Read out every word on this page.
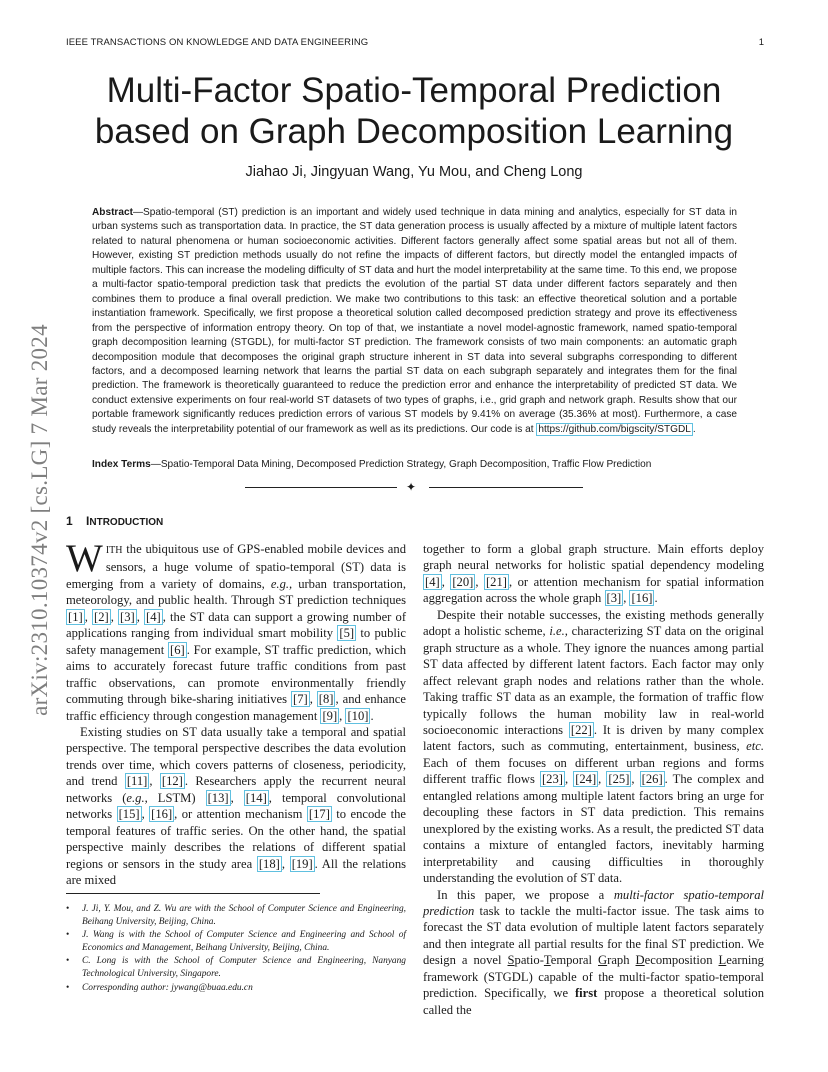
IEEE TRANSACTIONS ON KNOWLEDGE AND DATA ENGINEERING	1
Multi-Factor Spatio-Temporal Prediction
based on Graph Decomposition Learning
Jiahao Ji, Jingyuan Wang, Yu Mou, and Cheng Long
arXiv:2310.10374v2 [cs.LG] 7 Mar 2024
Abstract—Spatio-temporal (ST) prediction is an important and widely used technique in data mining and analytics, especially for ST data in urban systems such as transportation data. In practice, the ST data generation process is usually affected by a mixture of multiple latent factors related to natural phenomena or human socioeconomic activities. Different factors generally affect some spatial areas but not all of them. However, existing ST prediction methods usually do not refine the impacts of different factors, but directly model the entangled impacts of multiple factors. This can increase the modeling difficulty of ST data and hurt the model interpretability at the same time. To this end, we propose a multi-factor spatio-temporal prediction task that predicts the evolution of the partial ST data under different factors separately and then combines them to produce a final overall prediction. We make two contributions to this task: an effective theoretical solution and a portable instantiation framework. Specifically, we first propose a theoretical solution called decomposed prediction strategy and prove its effectiveness from the perspective of information entropy theory. On top of that, we instantiate a novel model-agnostic framework, named spatio-temporal graph decomposition learning (STGDL), for multi-factor ST prediction. The framework consists of two main components: an automatic graph decomposition module that decomposes the original graph structure inherent in ST data into several subgraphs corresponding to different factors, and a decomposed learning network that learns the partial ST data on each subgraph separately and integrates them for the final prediction. The framework is theoretically guaranteed to reduce the prediction error and enhance the interpretability of predicted ST data. We conduct extensive experiments on four real-world ST datasets of two types of graphs, i.e., grid graph and network graph. Results show that our portable framework significantly reduces prediction errors of various ST models by 9.41% on average (35.36% at most). Furthermore, a case study reveals the interpretability potential of our framework as well as its predictions. Our code is at https://github.com/bigscity/STGDL .
Index Terms—Spatio-Temporal Data Mining, Decomposed Prediction Strategy, Graph Decomposition, Traffic Flow Prediction
✦
1 INTRODUCTION

WITH the ubiquitous use of GPS-enabled mobile devices and sensors, a huge volume of spatio-temporal (ST) data is emerging from a variety of domains, e.g., urban transportation, meteorology, and public health. Through ST prediction techniques [1] , [2] , [3] , [4] , the ST data can support a growing number of applications ranging from individual smart mobility [5] to public safety management [6] . For example, ST traffic prediction, which aims to accurately forecast future traffic conditions from past traffic observations, can promote environmentally friendly commuting through bike-sharing initiatives [7] , [8] , and enhance traffic efficiency through congestion management [9] , [10] .

Existing studies on ST data usually take a temporal and spatial perspective. The temporal perspective describes the data evolution trends over time, which covers patterns of closeness, periodicity, and trend [11] , [12] . Researchers apply the recurrent neural networks (e.g., LSTM) [13] , [14] , temporal convolutional networks [15] , [16] , or attention mechanism [17] to encode the temporal features of traffic series. On the other hand, the spatial perspective mainly describes the relations of different spatial regions or sensors in the study area [18] , [19] . All the relations are mixed

together to form a global graph structure. Main efforts deploy graph neural networks for holistic spatial dependency modeling [4] , [20] , [21] , or attention mechanism for spatial information aggregation across the whole graph [3] , [16] .

Despite their notable successes, the existing methods generally adopt a holistic scheme, i.e., characterizing ST data on the original graph structure as a whole. They ignore the nuances among partial ST data affected by different latent factors. Each factor may only affect relevant graph nodes and relations rather than the whole. Taking traffic ST data as an example, the formation of traffic flow typically follows the human mobility law in real-world socioeconomic interactions [22] . It is driven by many complex latent factors, such as commuting, entertainment, business, etc. Each of them focuses on different urban regions and forms different traffic flows [23] , [24] , [25] , [26] . The complex and entangled relations among multiple latent factors bring an urge for decoupling these factors in ST data prediction. This remains unexplored by the existing works. As a result, the predicted ST data contains a mixture of entangled factors, inevitably harming interpretability and causing difficulties in thoroughly understanding the evolution of ST data.

In this paper, we propose a multi-factor spatio-temporal prediction task to tackle the multi-factor issue. The task aims to forecast the ST data evolution of multiple latent factors separately and then integrate all partial results for the final ST prediction. We design a novel Spatio-Temporal Graph Decomposition Learning framework (STGDL) capable of the multi-factor spatio-temporal prediction. Specifically, we first propose a theoretical solution called the

• J. Ji, Y. Mou, and Z. Wu are with the School of Computer Science and Engineering, Beihang University, Beijing, China.

• J. Wang is with the School of Computer Science and Engineering and School of Economics and Management, Beihang University, Beijing, China.

• C. Long is with the School of Computer Science and Engineering, Nanyang Technological University, Singapore.

• Corresponding author: jywang@buaa.edu.cn
